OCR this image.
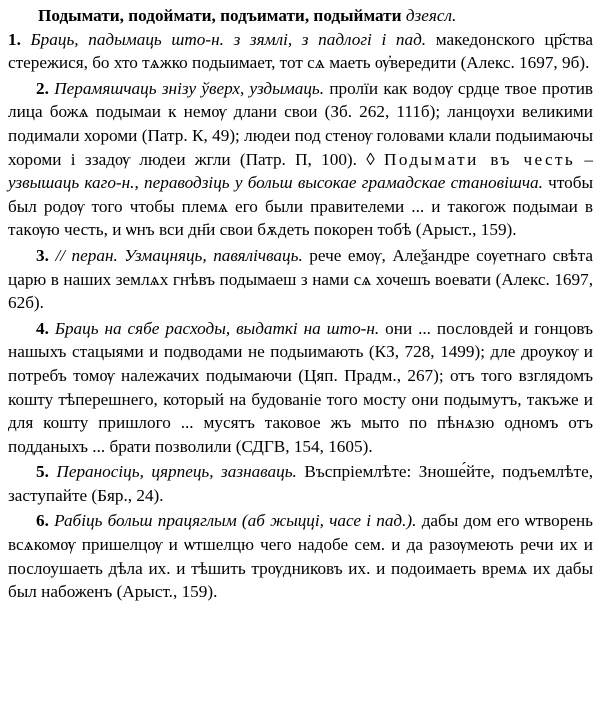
Подымати, подоймати, подъимати, подыймати дзеясл.

1. Браць, падымаць што-н. з зямлі, з падлогі і пад. македонского цр҃ства стережися, бо хто тѧжко подыимает, тот сѧ маеть ѹ҆вередити (Алекс. 1697, 9б).

2. Перамяшчаць знізу ўверх, уздымаць. пролїи как водѹ срдце твое против лица божѧ подымаи к немѹ длани свои (Зб. 262, 111б); ланцѹхи великими подимали хороми (Патр. К, 49); людеи под стенѹ головами клали подыимаючы хороми і ззадѹ людеи жгли (Патр. П, 100). ◊ Подымати въ честь – узвышаць каго-н., пераводзіць у больш высокае грамадскае становішча. чтобы был родѹ того чтобы племѧ его были правителеми ... и такогож подымаи в такѹю честь, и ѡнъ вси дн҃и свои бѫдеть покорен тобѣ (Арыст., 159).

3. // перан. Узмацняць, павялічваць. рече емѹ, Алеѯандре сѹетнаго свѣта царю в наших землѧх гнѣвъ подымаеш з нами сѧ хочешъ воевати (Алекс. 1697, 62б).

4. Браць на сябе расходы, выдаткі на што-н. они ... пословдей и гонцовъ нашыхъ стацыями и подводами не подыимають (КЗ, 728, 1499); дле дроукѹ и потребъ томѹ належачих подымаючи (Цяп. Прадм., 267); отъ того взглядомъ кошту тѣперешнего, который на будованіе того мосту они подымутъ, такъже и для кошту пришлого ... мусятъ таковое жъ мыто по пѣнѧзю одномъ отъ подданыхъ ... брати позволили (СДГВ, 154, 1605).

5. Пераносіць, цярпець, зазнаваць. Въспріемлѣте: Зноше́йте, подъемлѣте, заступайте (Бяр., 24).

6. Рабіць больш працяглым (аб жыцці, часе і пад.). дабы дом его ѡтворень всѧкомѹ пришелцѹ и ѡтшелцю чего надобе сем. и да разѹмеють речи их и послоушаеть дѣла их. и тѣшить трѹдниковъ их. и подоимаеть времѧ их дабы был набоженъ (Арыст., 159).
